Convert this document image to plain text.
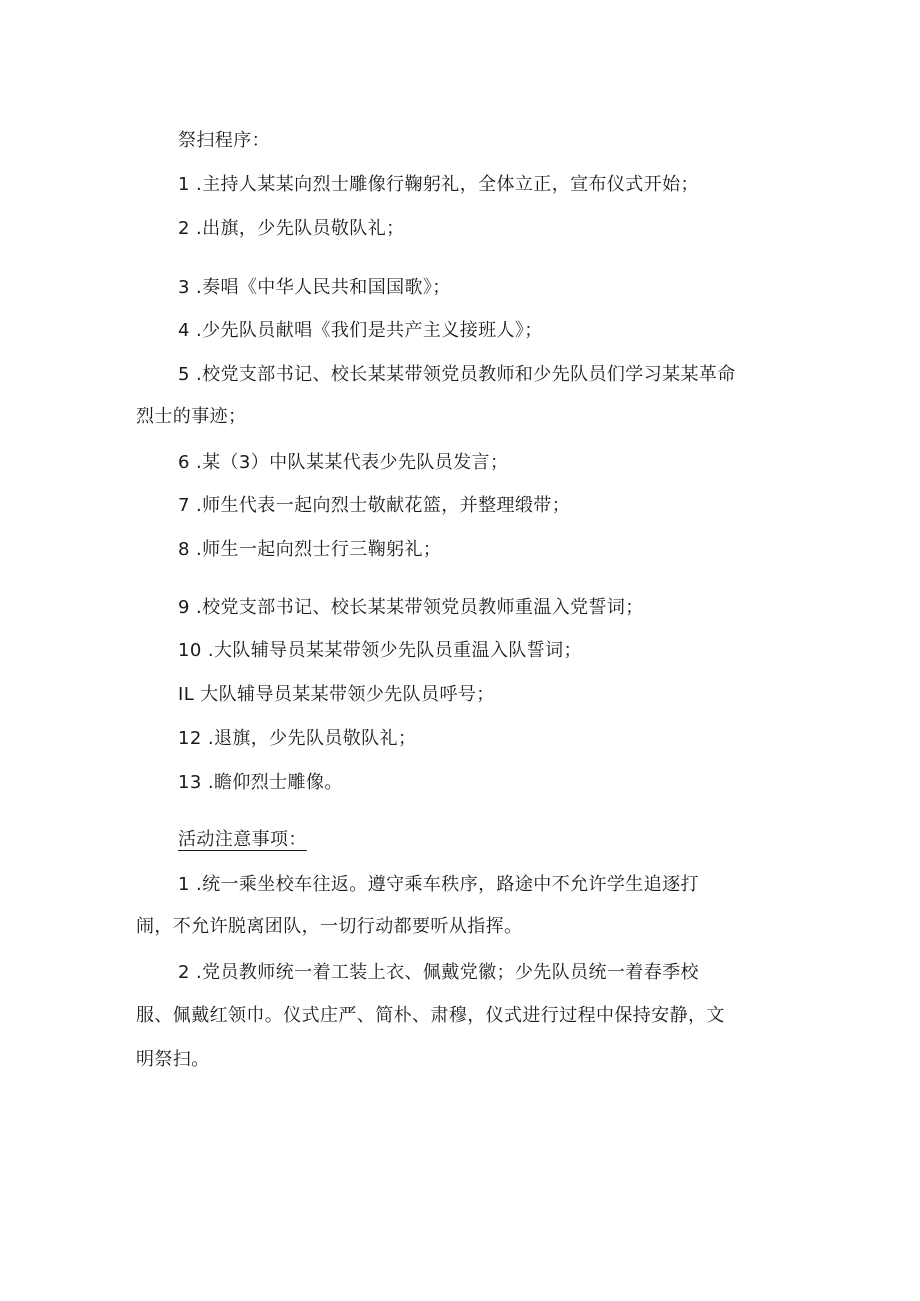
祭扫程序：
1 .主持人某某向烈士雕像行鞠躬礼，全体立正，宣布仪式开始；
2 .出旗，少先队员敬队礼；
3 .奏唱《中华人民共和国国歌》；
4 .少先队员献唱《我们是共产主义接班人》；
5 .校党支部书记、校长某某带领党员教师和少先队员们学习某某革命
烈士的事迹；
6 .某（3）中队某某代表少先队员发言；
7 .师生代表一起向烈士敬献花篮，并整理缎带；
8 .师生一起向烈士行三鞠躬礼；
9 .校党支部书记、校长某某带领党员教师重温入党誓词；
10 .大队辅导员某某带领少先队员重温入队誓词；
IL 大队辅导员某某带领少先队员呼号；
12 .退旗，少先队员敬队礼；
13 .瞻仰烈士雕像。
活动注意事项：
1 .统一乘坐校车往返。遵守乘车秩序，路途中不允许学生追逐打
闹，不允许脱离团队，一切行动都要听从指挥。
2 .党员教师统一着工装上衣、佩戴党徽；少先队员统一着春季校
服、佩戴红领巾。仪式庄严、简朴、肃穆，仪式进行过程中保持安静，文
明祭扫。
